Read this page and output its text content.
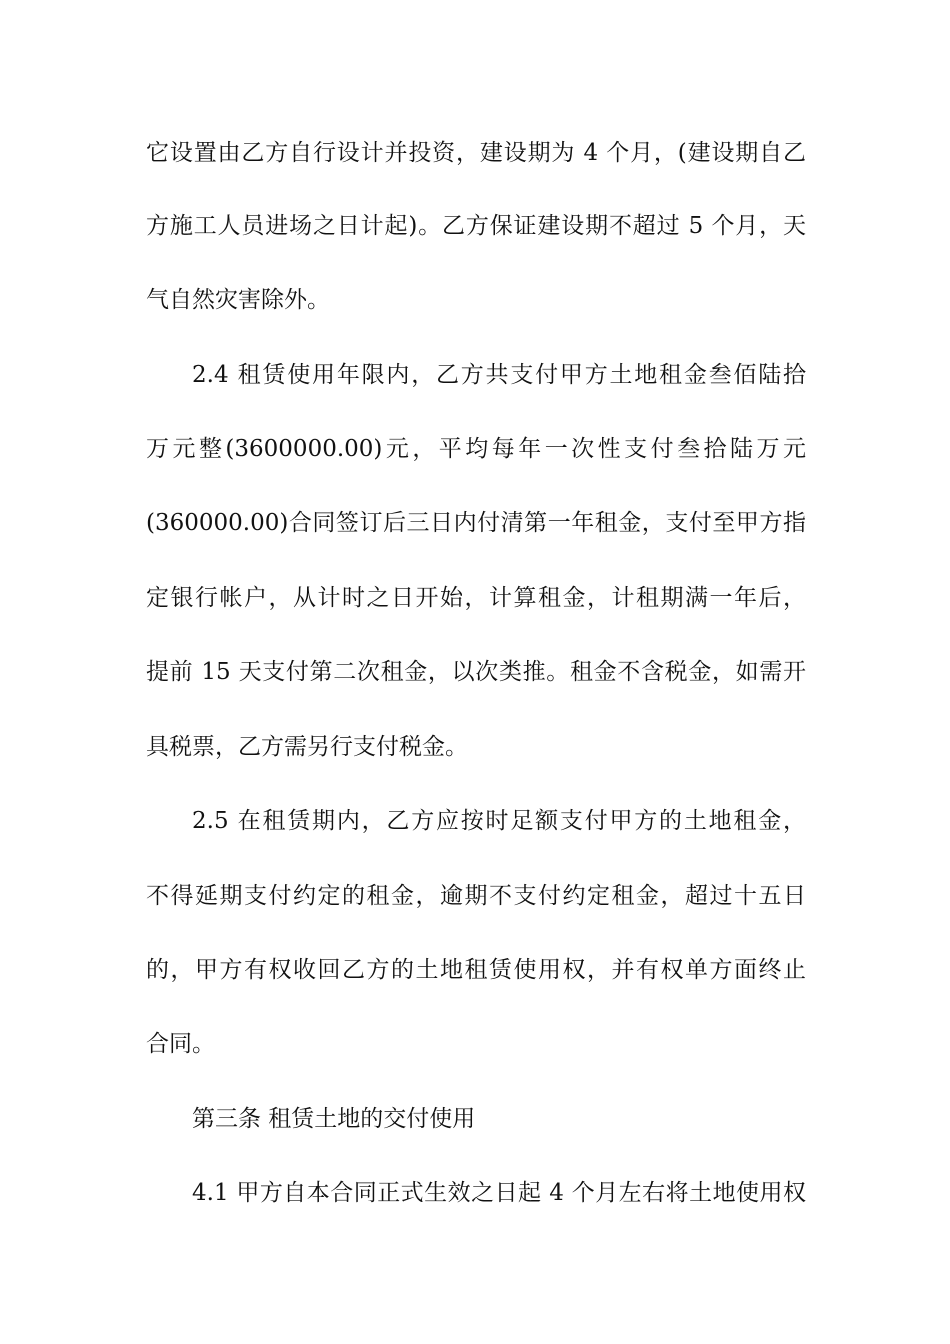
它设置由乙方自行设计并投资，建设期为 4 个月，(建设期自乙
方施工人员进场之日计起)。乙方保证建设期不超过 5 个月，天
气自然灾害除外。
2.4 租赁使用年限内，乙方共支付甲方土地租金叁佰陆拾
万元整(3600000.00)元，平均每年一次性支付叁拾陆万元
(360000.00)合同签订后三日内付清第一年租金，支付至甲方指
定银行帐户，从计时之日开始，计算租金，计租期满一年后，
提前 15 天支付第二次租金，以次类推。租金不含税金，如需开
具税票，乙方需另行支付税金。
2.5 在租赁期内，乙方应按时足额支付甲方的土地租金，
不得延期支付约定的租金，逾期不支付约定租金，超过十五日
的，甲方有权收回乙方的土地租赁使用权，并有权单方面终止
合同。
第三条 租赁土地的交付使用
4.1 甲方自本合同正式生效之日起 4 个月左右将土地使用权
